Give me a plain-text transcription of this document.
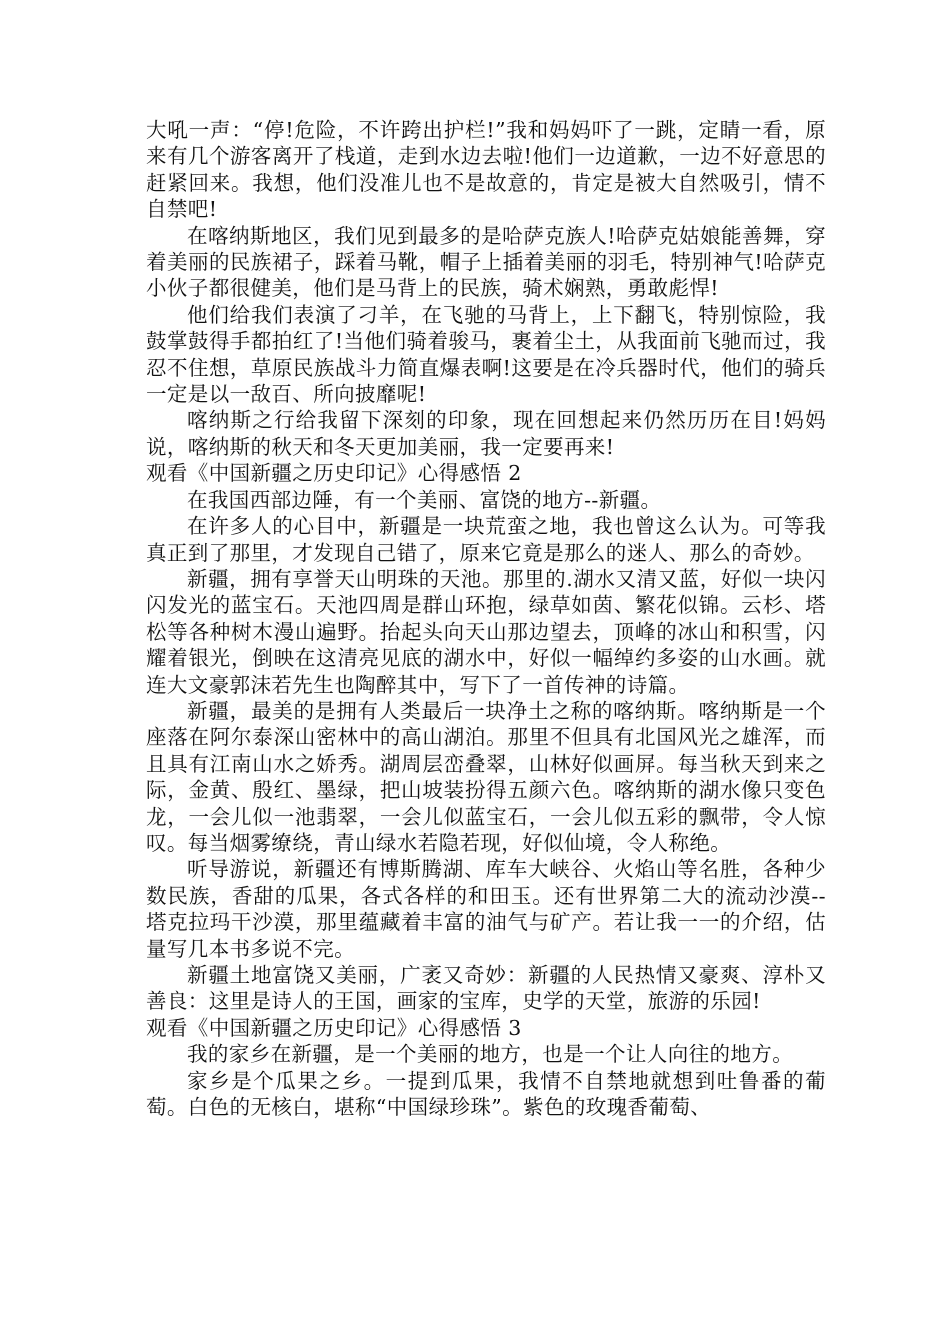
大吼一声：“停!危险，不许跨出护栏!”我和妈妈吓了一跳，定睛一看，原来有几个游客离开了栈道，走到水边去啦!他们一边道歉，一边不好意思的赶紧回来。我想，他们没准儿也不是故意的，肯定是被大自然吸引，情不自禁吧!

在喀纳斯地区，我们见到最多的是哈萨克族人!哈萨克姑娘能善舞，穿着美丽的民族裙子，踩着马靴，帽子上插着美丽的羽毛，特别神气!哈萨克小伙子都很健美，他们是马背上的民族，骑术娴熟，勇敢彪悍!

他们给我们表演了刁羊，在飞驰的马背上，上下翻飞，特别惊险，我鼓掌鼓得手都拍红了!当他们骑着骏马，裹着尘土，从我面前飞驰而过，我忍不住想，草原民族战斗力简直爆表啊!这要是在冷兵器时代，他们的骑兵一定是以一敌百、所向披靡呢!

喀纳斯之行给我留下深刻的印象，现在回想起来仍然历历在目!妈妈说，喀纳斯的秋天和冬天更加美丽，我一定要再来!

观看《中国新疆之历史印记》心得感悟 2

在我国西部边陲，有一个美丽、富饶的地方--新疆。

在许多人的心目中，新疆是一块荒蛮之地，我也曾这么认为。可等我真正到了那里，才发现自己错了，原来它竟是那么的迷人、那么的奇妙。

新疆，拥有享誉天山明珠的天池。那里的.湖水又清又蓝，好似一块闪闪发光的蓝宝石。天池四周是群山环抱，绿草如茵、繁花似锦。云杉、塔松等各种树木漫山遍野。抬起头向天山那边望去，顶峰的冰山和积雪，闪耀着银光，倒映在这清亮见底的湖水中，好似一幅绰约多姿的山水画。就连大文豪郭沫若先生也陶醉其中，写下了一首传神的诗篇。

新疆，最美的是拥有人类最后一块净土之称的喀纳斯。喀纳斯是一个座落在阿尔泰深山密林中的高山湖泊。那里不但具有北国风光之雄浑，而且具有江南山水之娇秀。湖周层峦叠翠，山林好似画屏。每当秋天到来之际，金黄、殷红、墨绿，把山坡装扮得五颜六色。喀纳斯的湖水像只变色龙，一会儿似一池翡翠，一会儿似蓝宝石，一会儿似五彩的飘带，令人惊叹。每当烟雾缭绕，青山绿水若隐若现，好似仙境，令人称绝。

听导游说，新疆还有博斯腾湖、库车大峡谷、火焰山等名胜，各种少数民族，香甜的瓜果，各式各样的和田玉。还有世界第二大的流动沙漠--塔克拉玛干沙漠，那里蕴藏着丰富的油气与矿产。若让我一一的介绍，估量写几本书多说不完。

新疆土地富饶又美丽，广袤又奇妙：新疆的人民热情又豪爽、淳朴又善良：这里是诗人的王国，画家的宝库，史学的天堂，旅游的乐园!

观看《中国新疆之历史印记》心得感悟 3

我的家乡在新疆，是一个美丽的地方，也是一个让人向往的地方。

家乡是个瓜果之乡。一提到瓜果，我情不自禁地就想到吐鲁番的葡萄。白色的无核白，堪称“中国绿珍珠”。紫色的玫瑰香葡萄、
